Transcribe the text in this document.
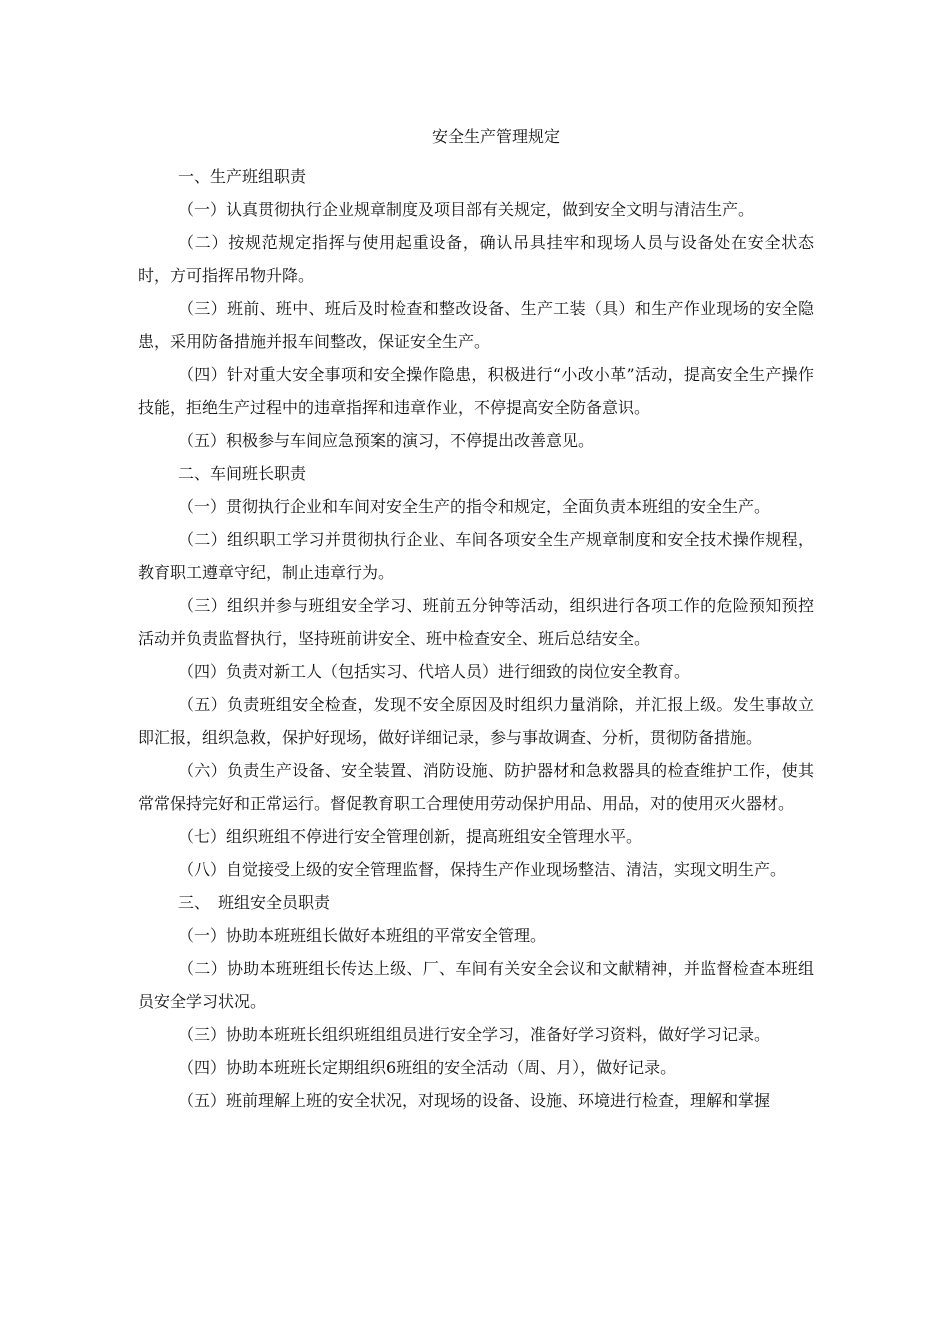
安全生产管理规定

一、生产班组职责

（一）认真贯彻执行企业规章制度及项目部有关规定，做到安全文明与清洁生产。

（二）按规范规定指挥与使用起重设备，确认吊具挂牢和现场人员与设备处在安全状态时，方可指挥吊物升降。

（三）班前、班中、班后及时检查和整改设备、生产工装（具）和生产作业现场的安全隐患，采用防备措施并报车间整改，保证安全生产。

（四）针对重大安全事项和安全操作隐患，积极进行“小改小革”活动，提高安全生产操作技能，拒绝生产过程中的违章指挥和违章作业，不停提高安全防备意识。

（五）积极参与车间应急预案的演习，不停提出改善意见。

二、车间班长职责

（一）贯彻执行企业和车间对安全生产的指令和规定，全面负责本班组的安全生产。

（二）组织职工学习并贯彻执行企业、车间各项安全生产规章制度和安全技术操作规程，教育职工遵章守纪，制止违章行为。

（三）组织并参与班组安全学习、班前五分钟等活动，组织进行各项工作的危险预知预控活动并负责监督执行，坚持班前讲安全、班中检查安全、班后总结安全。

（四）负责对新工人（包括实习、代培人员）进行细致的岗位安全教育。

（五）负责班组安全检查，发现不安全原因及时组织力量消除，并汇报上级。发生事故立即汇报，组织急救，保护好现场，做好详细记录，参与事故调查、分析，贯彻防备措施。

（六）负责生产设备、安全装置、消防设施、防护器材和急救器具的检查维护工作，使其常常保持完好和正常运行。督促教育职工合理使用劳动保护用品、用品，对的使用灭火器材。

（七）组织班组不停进行安全管理创新，提高班组安全管理水平。

（八）自觉接受上级的安全管理监督，保持生产作业现场整洁、清洁，实现文明生产。

三、　班组安全员职责

（一）协助本班班组长做好本班组的平常安全管理。

（二）协助本班班组长传达上级、厂、车间有关安全会议和文献精神，并监督检查本班组员安全学习状况。

（三）协助本班班长组织班组组员进行安全学习，准备好学习资料，做好学习记录。

（四）协助本班班长定期组织6班组的安全活动（周、月），做好记录。

（五）班前理解上班的安全状况，对现场的设备、设施、环境进行检查，理解和掌握
